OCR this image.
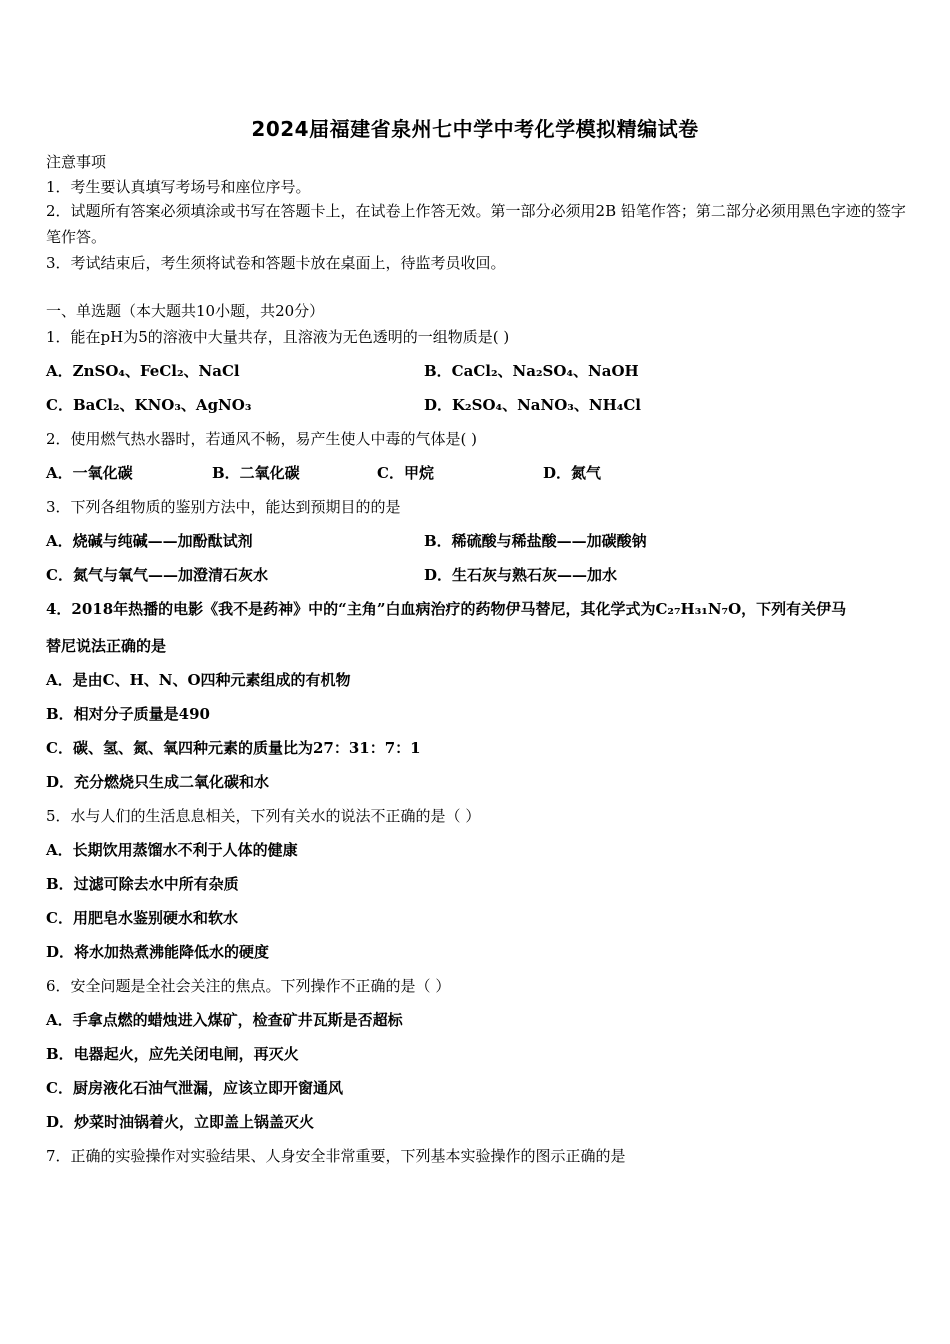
2024届福建省泉州七中学中考化学模拟精编试卷
注意事项
1．考生要认真填写考场号和座位序号。
2．试题所有答案必须填涂或书写在答题卡上，在试卷上作答无效。第一部分必须用2B 铅笔作答；第二部分必须用黑色字迹的签字笔作答。
3．考试结束后，考生须将试卷和答题卡放在桌面上，待监考员收回。
一、单选题（本大题共10小题，共20分）
1．能在pH为5的溶液中大量共存，且溶液为无色透明的一组物质是( )
A．ZnSO₄、FeCl₂、NaCl	B．CaCl₂、Na₂SO₄、NaOH
C．BaCl₂、KNO₃、AgNO₃	D．K₂SO₄、NaNO₃、NH₄Cl
2．使用燃气热水器时，若通风不畅，易产生使人中毒的气体是( )
A．一氧化碳	B．二氧化碳	C．甲烷	D．氮气
3．下列各组物质的鉴别方法中，能达到预期目的的是
A．烧碱与纯碱——加酚酞试剂	B．稀硫酸与稀盐酸——加碳酸钠
C．氮气与氧气——加澄清石灰水	D．生石灰与熟石灰——加水
4．2018年热播的电影《我不是药神》中的“主角”白血病治疗的药物伊马替尼，其化学式为C₂₇H₃₁N₇O，下列有关伊马
替尼说法正确的是
A．是由C、H、N、O四种元素组成的有机物
B．相对分子质量是490
C．碳、氢、氮、氧四种元素的质量比为27：31：7：1
D．充分燃烧只生成二氧化碳和水
5．水与人们的生活息息相关，下列有关水的说法不正确的是（ ）
A．长期饮用蒸馏水不利于人体的健康
B．过滤可除去水中所有杂质
C．用肥皂水鉴别硬水和软水
D．将水加热煮沸能降低水的硬度
6．安全问题是全社会关注的焦点。下列操作不正确的是（ ）
A．手拿点燃的蜡烛进入煤矿，检查矿井瓦斯是否超标
B．电器起火，应先关闭电闸，再灭火
C．厨房液化石油气泄漏，应该立即开窗通风
D．炒菜时油锅着火，立即盖上锅盖灭火
7．正确的实验操作对实验结果、人身安全非常重要，下列基本实验操作的图示正确的是
